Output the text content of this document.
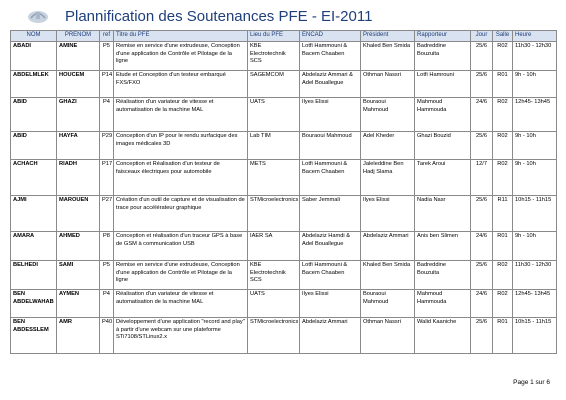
Plannification des Soutenances PFE - EI-2011
NOM	PRENOM	ref	Titre du PFE	Lieu du PFE	ENCAD	Président	Rapporteur	Jour	Salle	Heure
ABADI	AMINE	P5	Remise en service d'une extrudeuse, Conception d'une application de Contrôle et Pilotage de la ligne	KBE Electrotechnik SCS	Lotfi Hammouni & Bacem Chaaben	Khaled Ben Smida	Badreddine Bouzuita	25/6	R02	11h30 - 12h30
ABDELMLEK	HOUCEM	P14	Etude et Conception d'un testeur embarqué FXS/FXO	SAGEMCOM	Abdelaziz Ammari & Adel Bouallegue	Othman Nassri	Lotfi Hamrouni	25/6	R01	9h - 10h
ABID	GHAZI	P4	Réalisation d'un variateur de vitesse et automatisation de la machine MAL	UATS	Ilyes Elissi	Bouraoui Mahmoud	Mahmoud Hammouda	24/6	R02	12h45- 13h45
ABID	HAYFA	P29	Conception d'un IP pour le rendu surfacique des images médicales 3D	Lab TIM	Bouraoui Mahmoud	Adel Kheder	Ghazi Bouzid	25/6	R02	9h - 10h
ACHACH	RIADH	P17	Conception et Réalisation d'un testeur de faisceaux électriques pour automobile	METS	Lotfi Hammouni & Bacem Chaaben	Jaleleddine Ben Hadj Slama	Tarek Aroui	12/7	R02	9h - 10h
AJMI	MAROUEN	P27	Création d'un outil de capture et de visualisation de trace pour accélérateur graphique	STMicroelectronics	Saber Jemmali	Ilyes Elissi	Nadia Nasr	25/6	R11	10h15 - 11h15
AMARA	AHMED	P8	Conception et réalisation d'un traceur GPS à base de GSM à communication USB	IAER SA	Abdelaziz Hamdi & Adel Bouallegue	Abdelaziz Ammari	Anis ben Slimen	24/6	R01	9h - 10h
BELHEDI	SAMI	P5	Remise en service d'une extrudeuse, Conception d'une application de Contrôle et Pilotage de la ligne	KBE Electrotechnik SCS	Lotfi Hammouni & Bacem Chaaben	Khaled Ben Smida	Badreddine Bouzuita	25/6	R02	11h30 - 12h30
BEN ABDELWAHAB	AYMEN	P4	Réalisation d'un variateur de vitesse et automatisation de la machine MAL	UATS	Ilyes Elissi	Bouraoui Mahmoud	Mahmoud Hammouda	24/6	R02	12h45- 13h45
BEN ABDESSLEM	AMR	P40	Développement d'une application "record and play" à partir d'une webcam sur une plateforme STi7108/STLinux2.x	STMicroelectronics	Abdelaziz Ammari	Othman Nassri	Walid Kaaniche	25/6	R01	10h15 - 11h15
Page 1 sur 6
